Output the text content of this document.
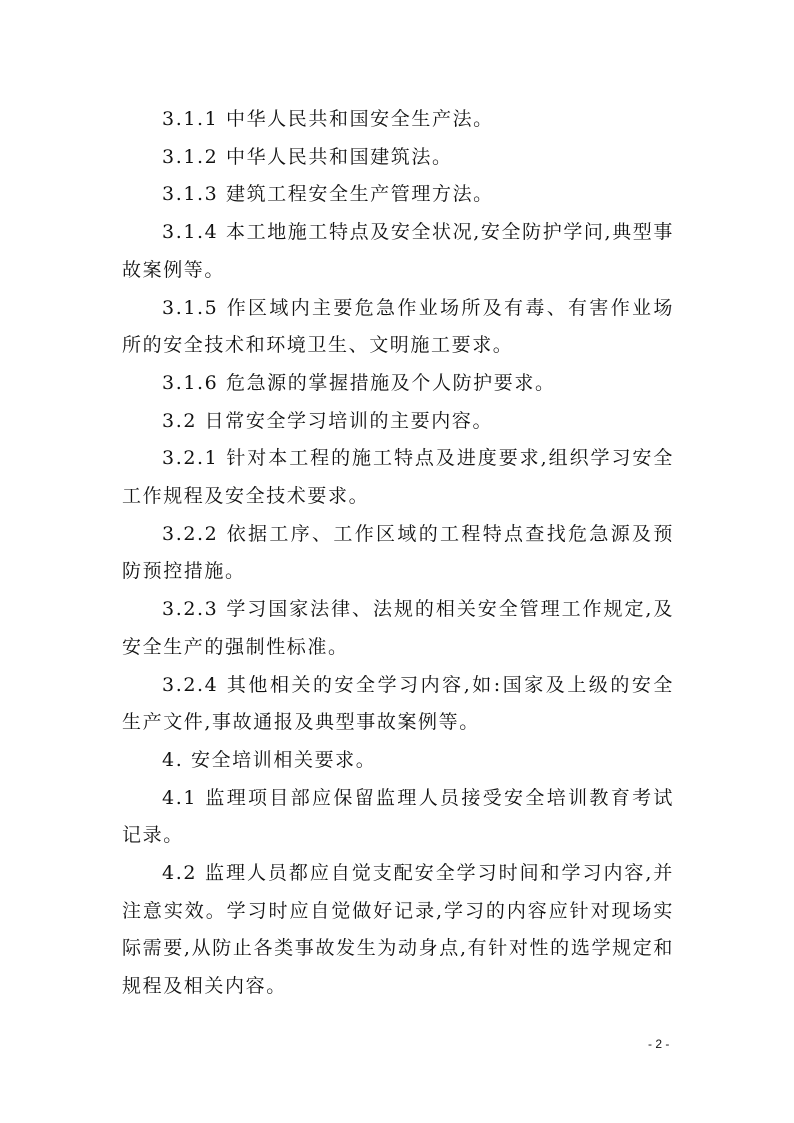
3.1.1 中华人民共和国安全生产法。

3.1.2 中华人民共和国建筑法。

3.1.3 建筑工程安全生产管理方法。

3.1.4 本工地施工特点及安全状况,安全防护学问,典型事故案例等。

3.1.5 作区域内主要危急作业场所及有毒、有害作业场所的安全技术和环境卫生、文明施工要求。

3.1.6 危急源的掌握措施及个人防护要求。

3.2 日常安全学习培训的主要内容。

3.2.1 针对本工程的施工特点及进度要求,组织学习安全工作规程及安全技术要求。

3.2.2 依据工序、工作区域的工程特点查找危急源及预防预控措施。

3.2.3 学习国家法律、法规的相关安全管理工作规定,及安全生产的强制性标准。

3.2.4 其他相关的安全学习内容,如:国家及上级的安全生产文件,事故通报及典型事故案例等。

4. 安全培训相关要求。

4.1 监理项目部应保留监理人员接受安全培训教育考试记录。

4.2 监理人员都应自觉支配安全学习时间和学习内容,并注意实效。学习时应自觉做好记录,学习的内容应针对现场实际需要,从防止各类事故发生为动身点,有针对性的选学规定和规程及相关内容。

- 2 -
